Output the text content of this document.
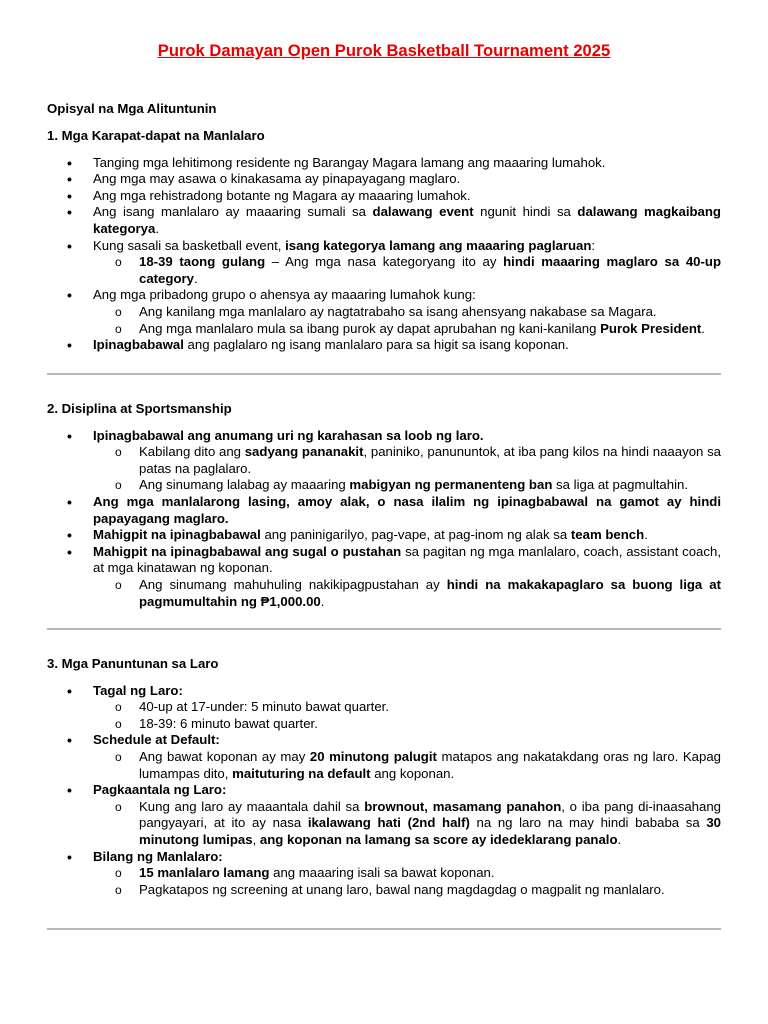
Purok Damayan Open Purok Basketball Tournament 2025
Opisyal na Mga Alituntunin

1. Mga Karapat-dapat na Manlalaro

• Tanging mga lehitimong residente ng Barangay Magara lamang ang maaaring lumahok.
• Ang mga may asawa o kinakasama ay pinapayagang maglaro.
• Ang mga rehistradong botante ng Magara ay maaaring lumahok.
• Ang isang manlalaro ay maaaring sumali sa dalawang event ngunit hindi sa dalawang magkaibang kategorya.
• Kung sasali sa basketball event, isang kategorya lamang ang maaaring paglaruan:
o 18-39 taong gulang – Ang mga nasa kategoryang ito ay hindi maaaring maglaro sa 40-up category.
• Ang mga pribadong grupo o ahensya ay maaaring lumahok kung:
o Ang kanilang mga manlalaro ay nagtatrabaho sa isang ahensyang nakabase sa Magara.
o Ang mga manlalaro mula sa ibang purok ay dapat aprubahan ng kani-kanilang Purok President.
• Ipinagbabawal ang paglalaro ng isang manlalaro para sa higit sa isang koponan.

2. Disiplina at Sportsmanship

• Ipinagbabawal ang anumang uri ng karahasan sa loob ng laro.
o Kabilang dito ang sadyang pananakit, paniniko, panununtok, at iba pang kilos na hindi naaayon sa patas na paglalaro.
o Ang sinumang lalabag ay maaaring mabigyan ng permanenteng ban sa liga at pagmultahin.
• Ang mga manlalarong lasing, amoy alak, o nasa ilalim ng ipinagbabawal na gamot ay hindi papayagang maglaro.
• Mahigpit na ipinagbabawal ang paninigarilyo, pag-vape, at pag-inom ng alak sa team bench.
• Mahigpit na ipinagbabawal ang sugal o pustahan sa pagitan ng mga manlalaro, coach, assistant coach, at mga kinatawan ng koponan.
o Ang sinumang mahuhuling nakikipagpustahan ay hindi na makakapaglaro sa buong liga at pagmumultahin ng ₱1,000.00.

3. Mga Panuntunan sa Laro

• Tagal ng Laro:
o 40-up at 17-under: 5 minuto bawat quarter.
o 18-39: 6 minuto bawat quarter.
• Schedule at Default:
o Ang bawat koponan ay may 20 minutong palugit matapos ang nakatakdang oras ng laro. Kapag lumampas dito, maituturing na default ang koponan.
• Pagkaantala ng Laro:
o Kung ang laro ay maaantala dahil sa brownout, masamang panahon, o iba pang di-inaasahang pangyayari, at ito ay nasa ikalawang hati (2nd half) na ng laro na may hindi bababa sa 30 minutong lumipas, ang koponan na lamang sa score ay idedeklarang panalo.
• Bilang ng Manlalaro:
o 15 manlalaro lamang ang maaaring isali sa bawat koponan.
o Pagkatapos ng screening at unang laro, bawal nang magdagdag o magpalit ng manlalaro.
